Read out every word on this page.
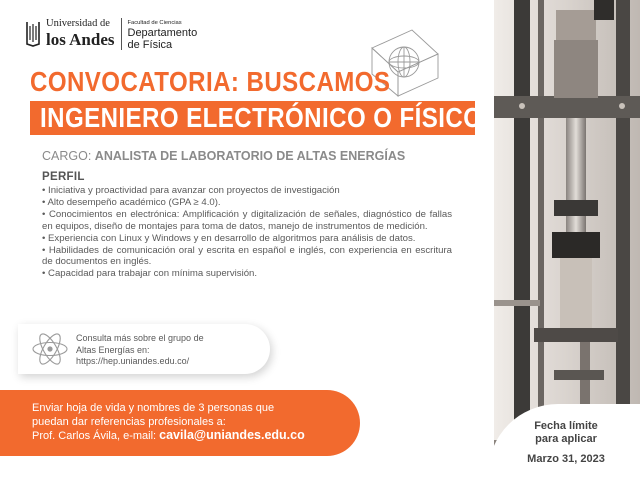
Universidad de
los Andes
Facultad de Ciencias
Departamento
de Física
CONVOCATORIA: BUSCAMOS
INGENIERO ELECTRÓNICO O FÍSICO
CARGO: ANALISTA DE LABORATORIO DE ALTAS ENERGÍAS
PERFIL
• Iniciativa y proactividad para avanzar con proyectos de investigación
• Alto desempeño académico (GPA ≥ 4.0).
• Conocimientos en electrónica: Amplificación y digitalización de señales, diagnóstico de fallas en equipos, diseño de montajes para toma de datos, manejo de instrumentos de medición.
• Experiencia con Linux y Windows y en desarrollo de algoritmos para análisis de datos.
• Habilidades de comunicación oral y escrita en español e inglés, con experiencia en escritura de documentos en inglés.
• Capacidad para trabajar con mínima supervisión.
Consulta más sobre el grupo de
Altas Energías en:
https://hep.uniandes.edu.co/
Enviar hoja de vida y nombres de 3 personas que
puedan dar referencias profesionales a:
Prof. Carlos Ávila, e-mail: cavila@uniandes.edu.co
Fecha límite
para aplicar
Marzo 31, 2023
